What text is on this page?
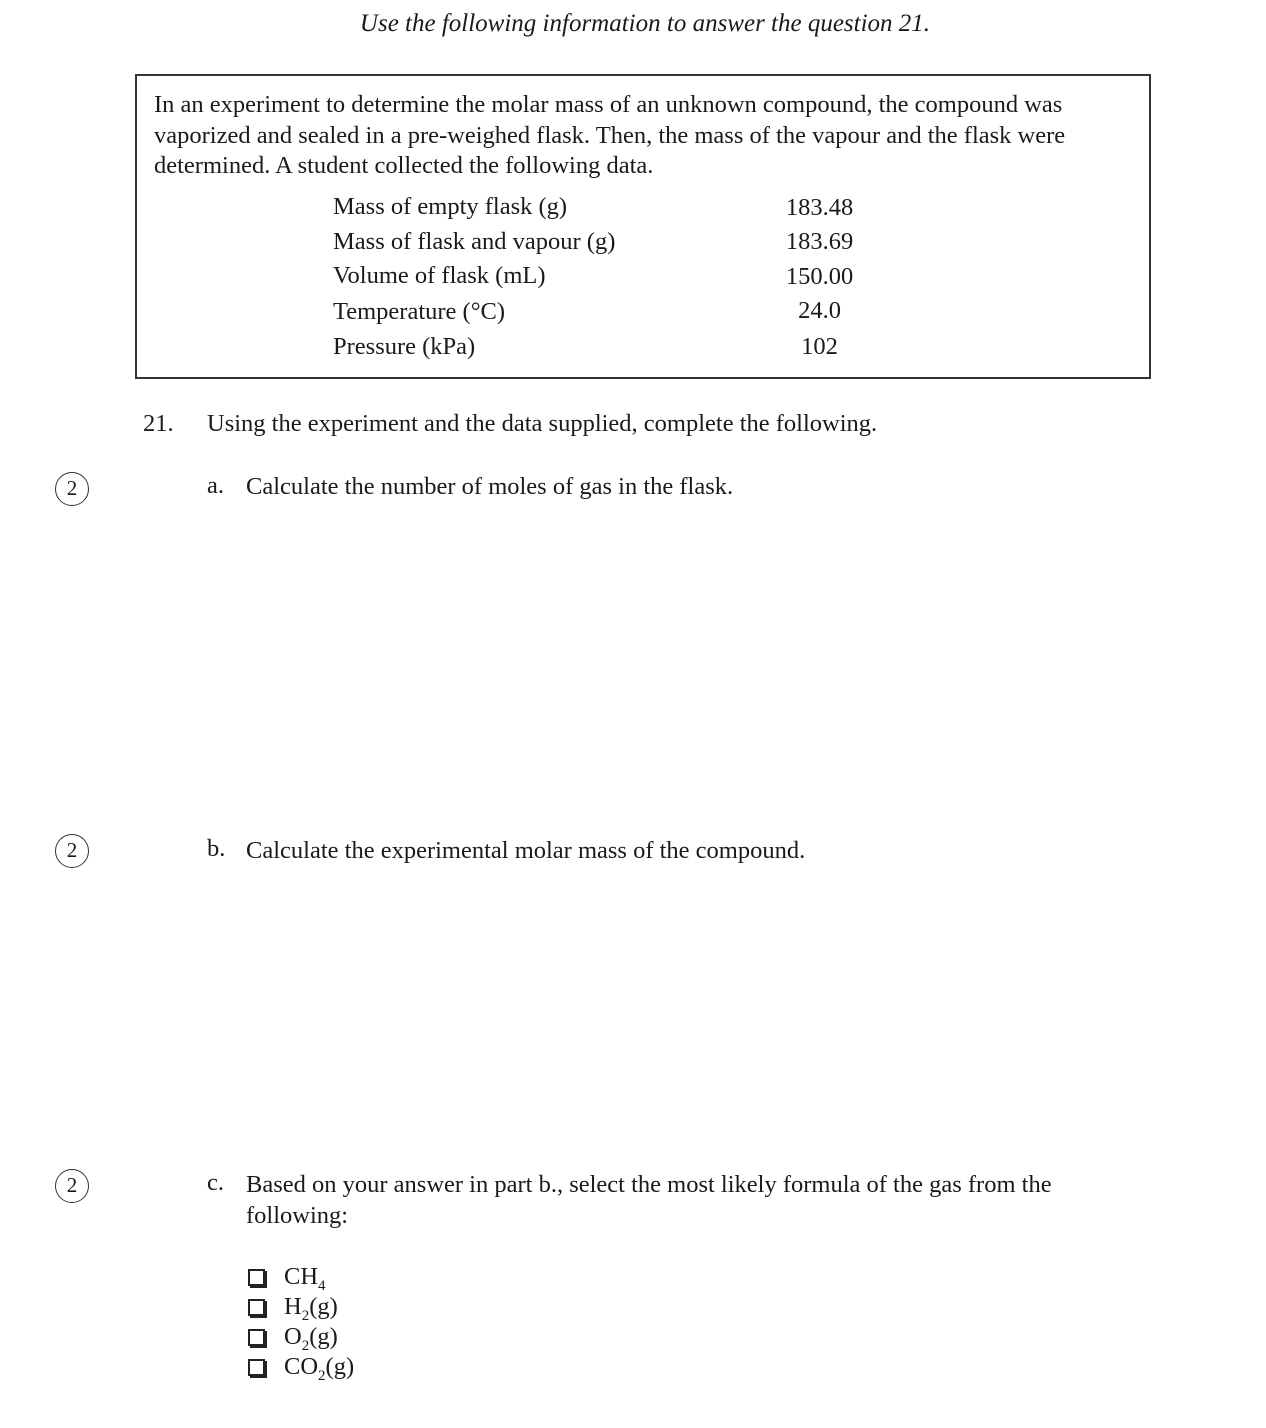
Use the following information to answer the question 21.
In an experiment to determine the molar mass of an unknown compound, the compound was vaporized and sealed in a pre-weighed flask. Then, the mass of the vapour and the flask were determined. A student collected the following data.
Mass of empty flask (g)	183.48
Mass of flask and vapour (g)	183.69
Volume of flask (mL)	150.00
Temperature (°C)	24.0
Pressure (kPa)	102
21. Using the experiment and the data supplied, complete the following.
2	a. Calculate the number of moles of gas in the flask.
2	b. Calculate the experimental molar mass of the compound.
2	c. Based on your answer in part b., select the most likely formula of the gas from the following:
$CH_4$
$H_2(g)$
$O_2(g)$
$CO_2(g)$
